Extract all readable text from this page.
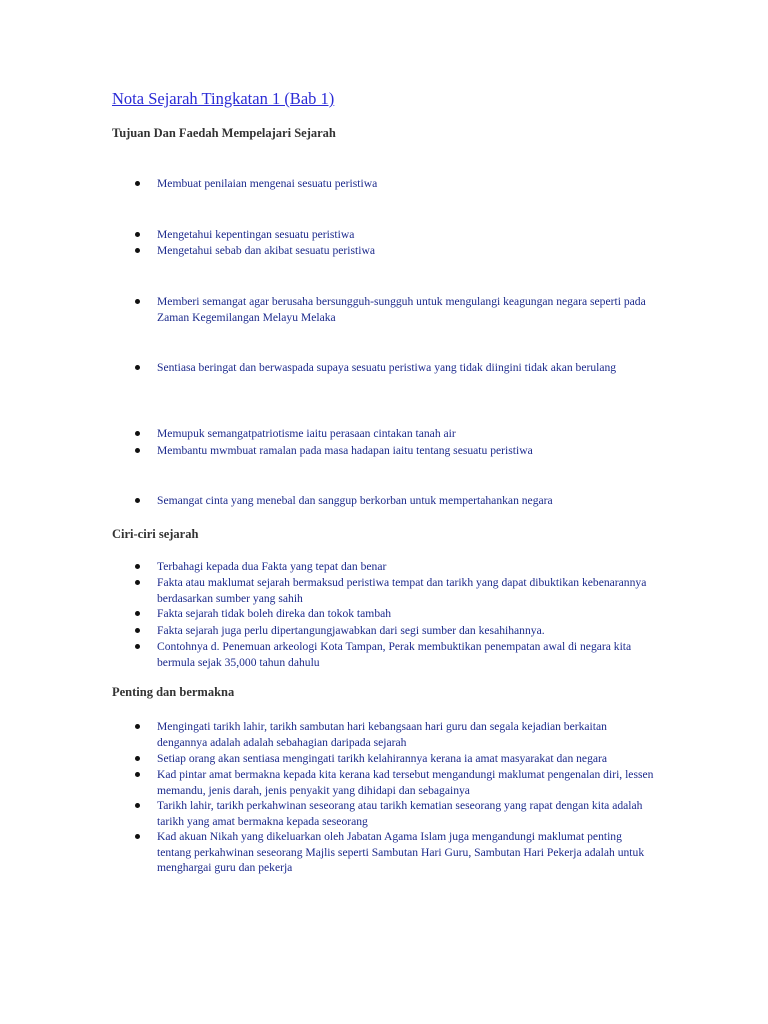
Nota Sejarah Tingkatan 1 (Bab 1)
Tujuan Dan Faedah Mempelajari Sejarah

Membuat penilaian mengenai sesuatu peristiwa

Mengetahui kepentingan sesuatu peristiwa

Mengetahui sebab dan akibat sesuatu peristiwa

Memberi semangat agar berusaha bersungguh-sungguh untuk mengulangi keagungan negara seperti pada Zaman Kegemilangan Melayu Melaka

Sentiasa beringat dan berwaspada supaya sesuatu peristiwa yang tidak diingini tidak akan berulang

Memupuk semangatpatriotisme iaitu perasaan cintakan tanah air

Membantu mwmbuat ramalan pada masa hadapan iaitu tentang sesuatu peristiwa

Semangat cinta yang menebal dan sanggup berkorban untuk mempertahankan negara

Ciri-ciri sejarah

Terbahagi kepada dua Fakta yang tepat dan benar

Fakta atau maklumat sejarah bermaksud peristiwa tempat dan tarikh yang dapat dibuktikan kebenarannya berdasarkan sumber yang sahih

Fakta sejarah tidak boleh direka dan tokok tambah

Fakta sejarah juga perlu dipertangungjawabkan dari segi sumber dan kesahihannya.

Contohnya d. Penemuan arkeologi Kota Tampan, Perak membuktikan penempatan awal di negara kita bermula sejak 35,000 tahun dahulu

Penting dan bermakna

Mengingati tarikh lahir, tarikh sambutan hari kebangsaan hari guru dan segala kejadian berkaitan dengannya adalah adalah sebahagian daripada sejarah

Setiap orang akan sentiasa mengingati tarikh kelahirannya kerana ia amat masyarakat dan negara

Kad pintar amat bermakna kepada kita kerana kad tersebut mengandungi maklumat pengenalan diri, lessen memandu, jenis darah, jenis penyakit yang dihidapi dan sebagainya

Tarikh lahir, tarikh perkahwinan seseorang atau tarikh kematian seseorang yang rapat dengan kita adalah tarikh yang amat bermakna kepada seseorang

Kad akuan Nikah yang dikeluarkan oleh Jabatan Agama Islam juga mengandungi maklumat penting tentang perkahwinan seseorang Majlis seperti Sambutan Hari Guru, Sambutan Hari Pekerja adalah untuk menghargai guru dan pekerja
